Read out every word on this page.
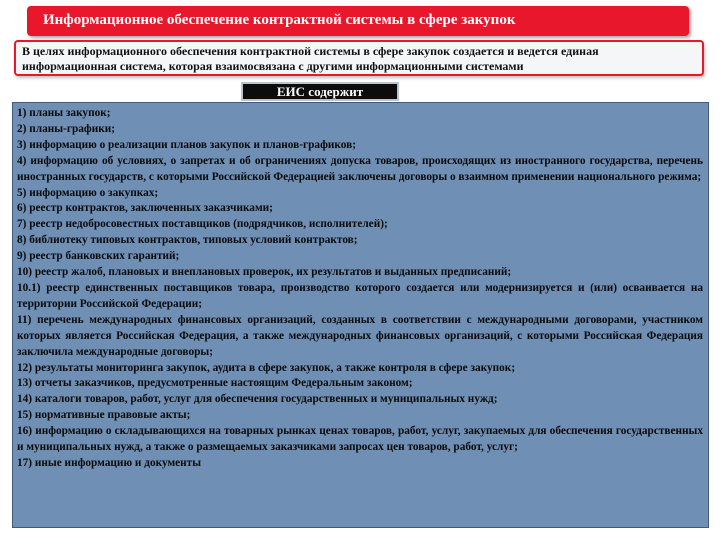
Информационное обеспечение контрактной системы в сфере закупок
В целях информационного обеспечения контрактной системы в сфере закупок создается и ведется единая информационная система, которая взаимосвязана с другими информационными системами
ЕИС содержит

1) планы закупок;

2) планы-графики;

3) информацию о реализации планов закупок и планов-графиков;

4) информацию об условиях, о запретах и об ограничениях допуска товаров, происходящих из иностранного государства, перечень иностранных государств, с которыми Российской Федерацией заключены договоры о взаимном применении национального режима;

5) информацию о закупках;

6) реестр контрактов, заключенных заказчиками;

7) реестр недобросовестных поставщиков (подрядчиков, исполнителей);

8) библиотеку типовых контрактов, типовых условий контрактов;

9) реестр банковских гарантий;

10) реестр жалоб, плановых и внеплановых проверок, их результатов и выданных предписаний;

10.1) реестр единственных поставщиков товара, производство которого создается или модернизируется и (или) осваивается на территории Российской Федерации;

11) перечень международных финансовых организаций, созданных в соответствии с международными договорами, участником которых является Российская Федерация, а также международных финансовых организаций, с которыми Российская Федерация заключила международные договоры;

12) результаты мониторинга закупок, аудита в сфере закупок, а также контроля в сфере закупок;

13) отчеты заказчиков, предусмотренные настоящим Федеральным законом;

14) каталоги товаров, работ, услуг для обеспечения государственных и муниципальных нужд;

15) нормативные правовые акты;

16) информацию о складывающихся на товарных рынках ценах товаров, работ, услуг, закупаемых для обеспечения государственных и муниципальных нужд, а также о размещаемых заказчиками запросах цен товаров, работ, услуг;

17) иные информацию и документы
